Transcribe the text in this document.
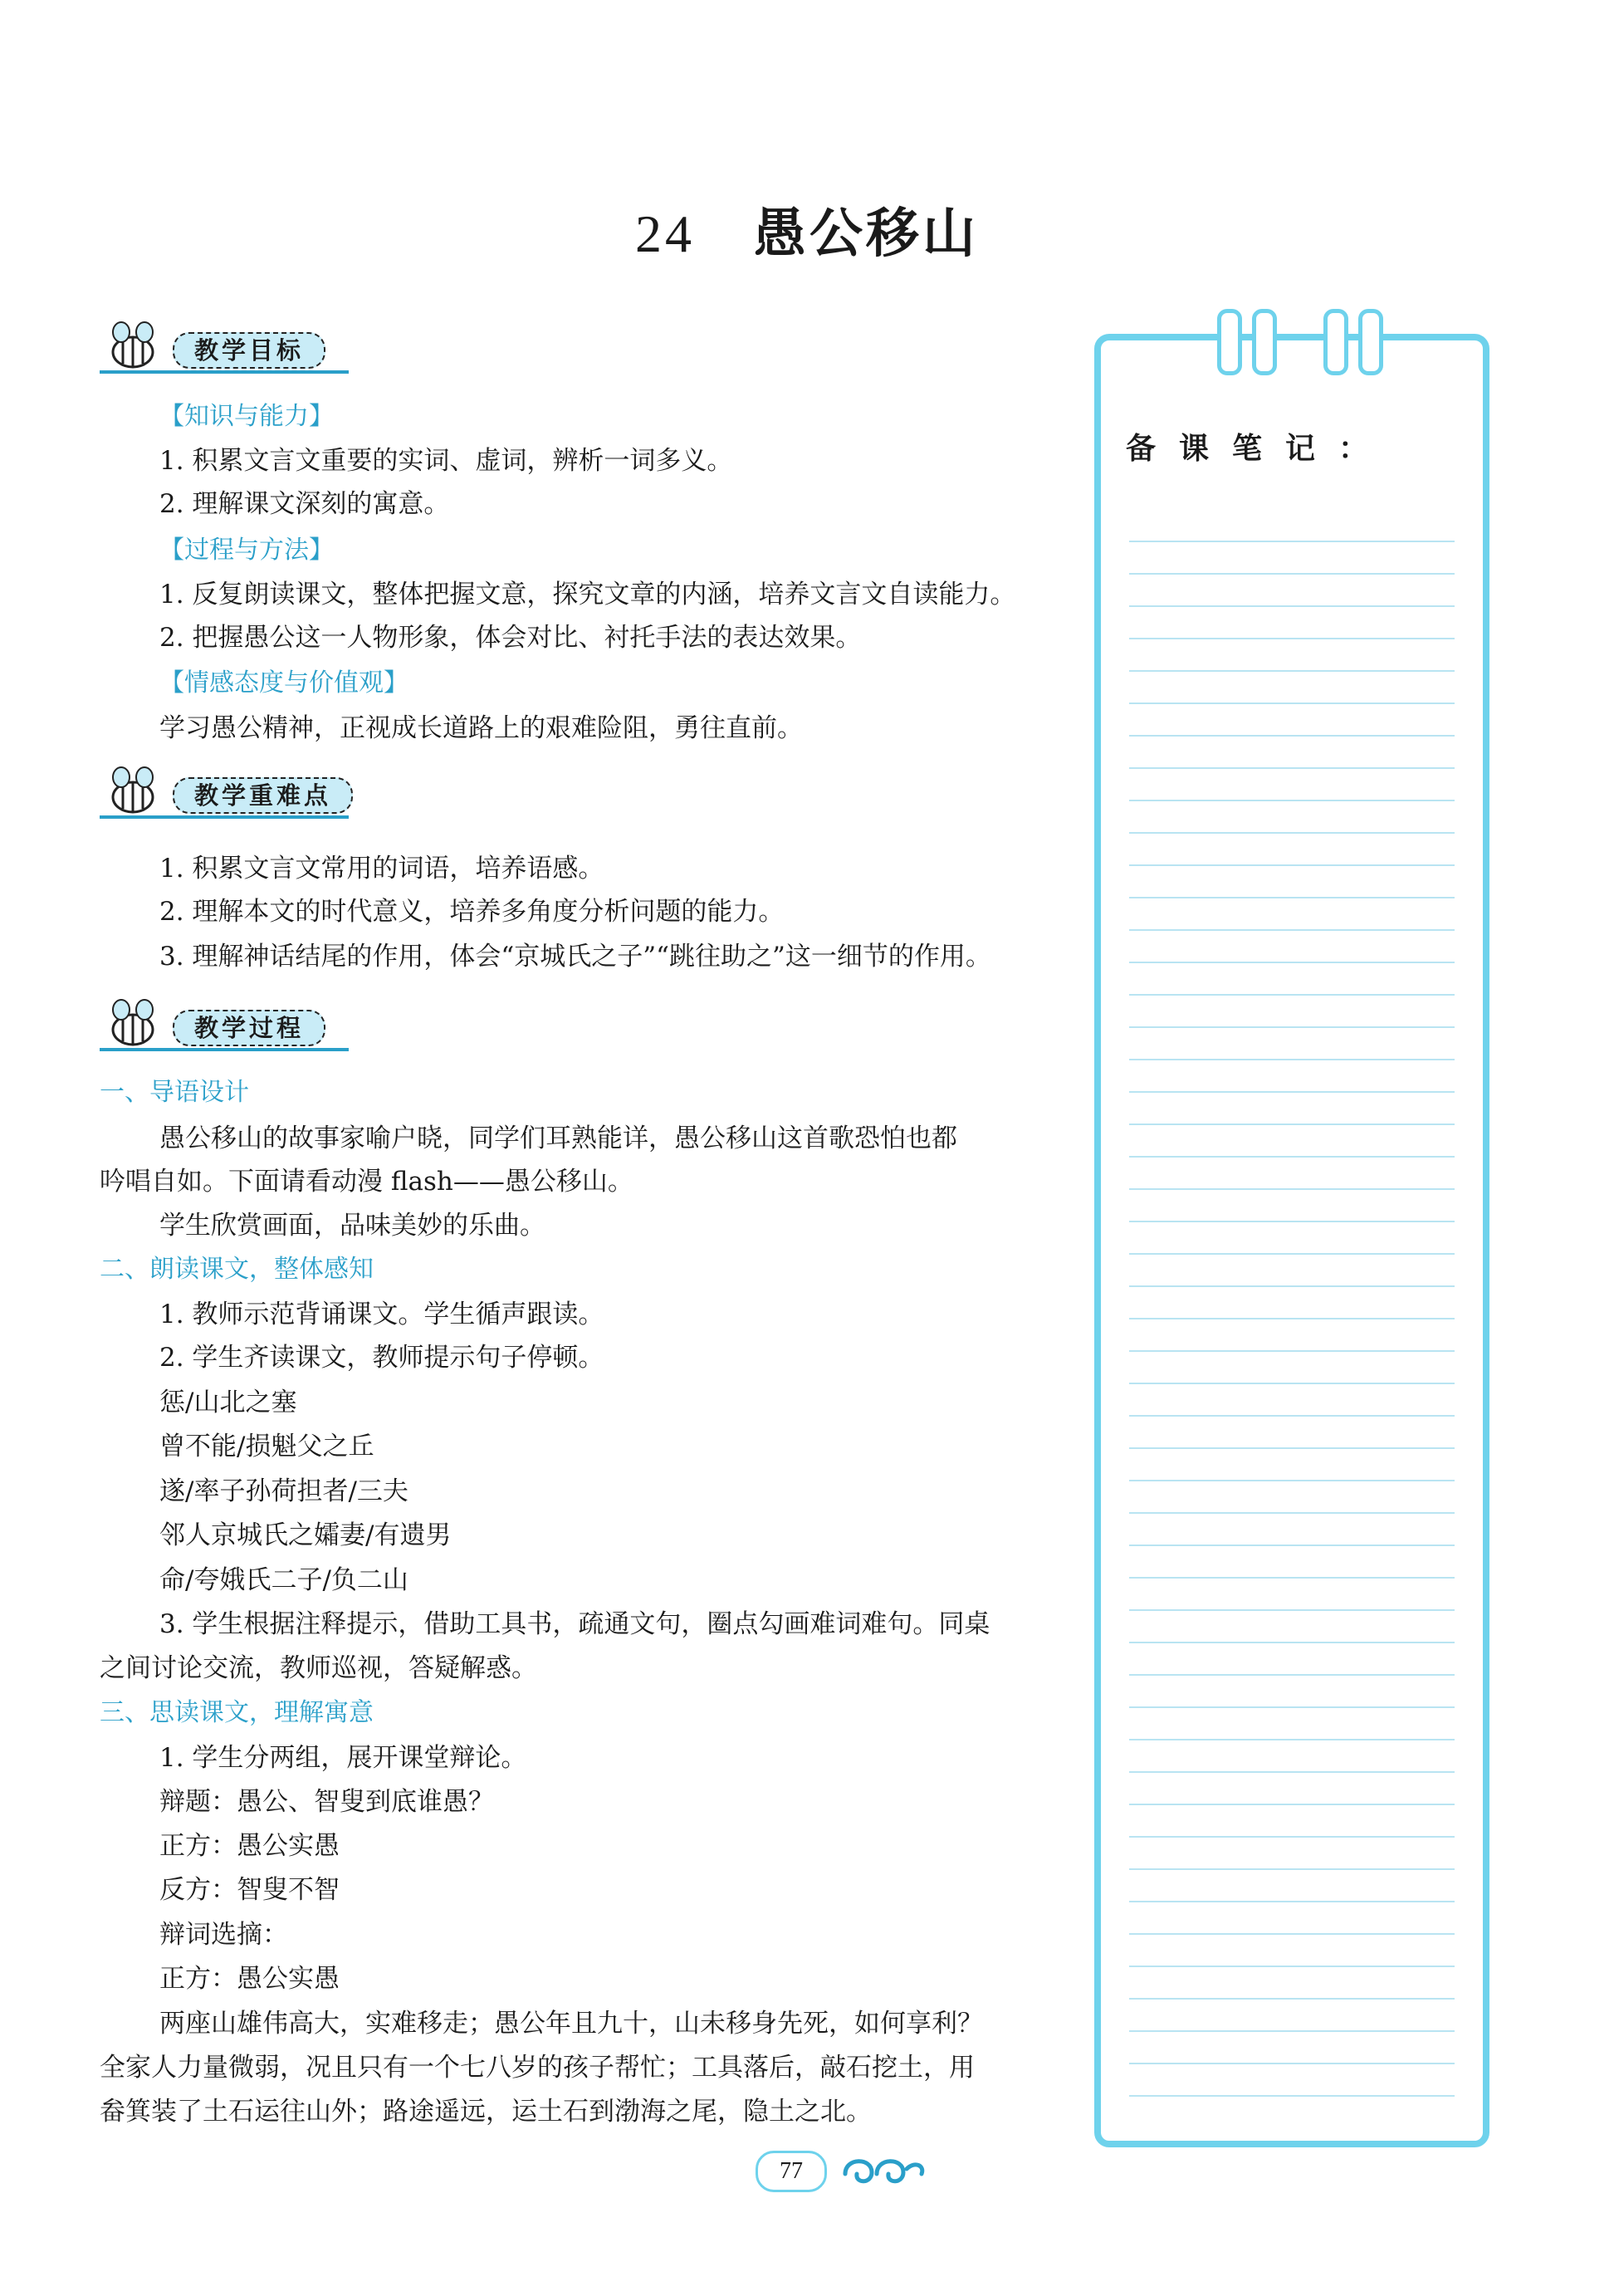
24 愚公移山
教学目标
【知识与能力】
1. 积累文言文重要的实词、虚词，辨析一词多义。
2. 理解课文深刻的寓意。
【过程与方法】
1. 反复朗读课文，整体把握文意，探究文章的内涵，培养文言文自读能力。
2. 把握愚公这一人物形象，体会对比、衬托手法的表达效果。
【情感态度与价值观】
学习愚公精神，正视成长道路上的艰难险阻，勇往直前。
教学重难点
1. 积累文言文常用的词语，培养语感。
2. 理解本文的时代意义，培养多角度分析问题的能力。
3. 理解神话结尾的作用，体会“京城氏之子”“跳往助之”这一细节的作用。
教学过程
一、导语设计
愚公移山的故事家喻户晓，同学们耳熟能详，愚公移山这首歌恐怕也都
吟唱自如。下面请看动漫 flash——愚公移山。
学生欣赏画面，品味美妙的乐曲。
二、朗读课文，整体感知
1. 教师示范背诵课文。学生循声跟读。
2. 学生齐读课文，教师提示句子停顿。
惩/山北之塞
曾不能/损魁父之丘
遂/率子孙荷担者/三夫
邻人京城氏之孀妻/有遗男
命/夸娥氏二子/负二山
3. 学生根据注释提示，借助工具书，疏通文句，圈点勾画难词难句。同桌
之间讨论交流，教师巡视，答疑解惑。
三、思读课文，理解寓意
1. 学生分两组，展开课堂辩论。
辩题：愚公、智叟到底谁愚？
正方：愚公实愚
反方：智叟不智
辩词选摘：
正方：愚公实愚
两座山雄伟高大，实难移走；愚公年且九十，山未移身先死，如何享利？
全家人力量微弱，况且只有一个七八岁的孩子帮忙；工具落后，敲石挖土，用
畚箕装了土石运往山外；路途遥远，运土石到渤海之尾，隐土之北。
备课笔记：
77
